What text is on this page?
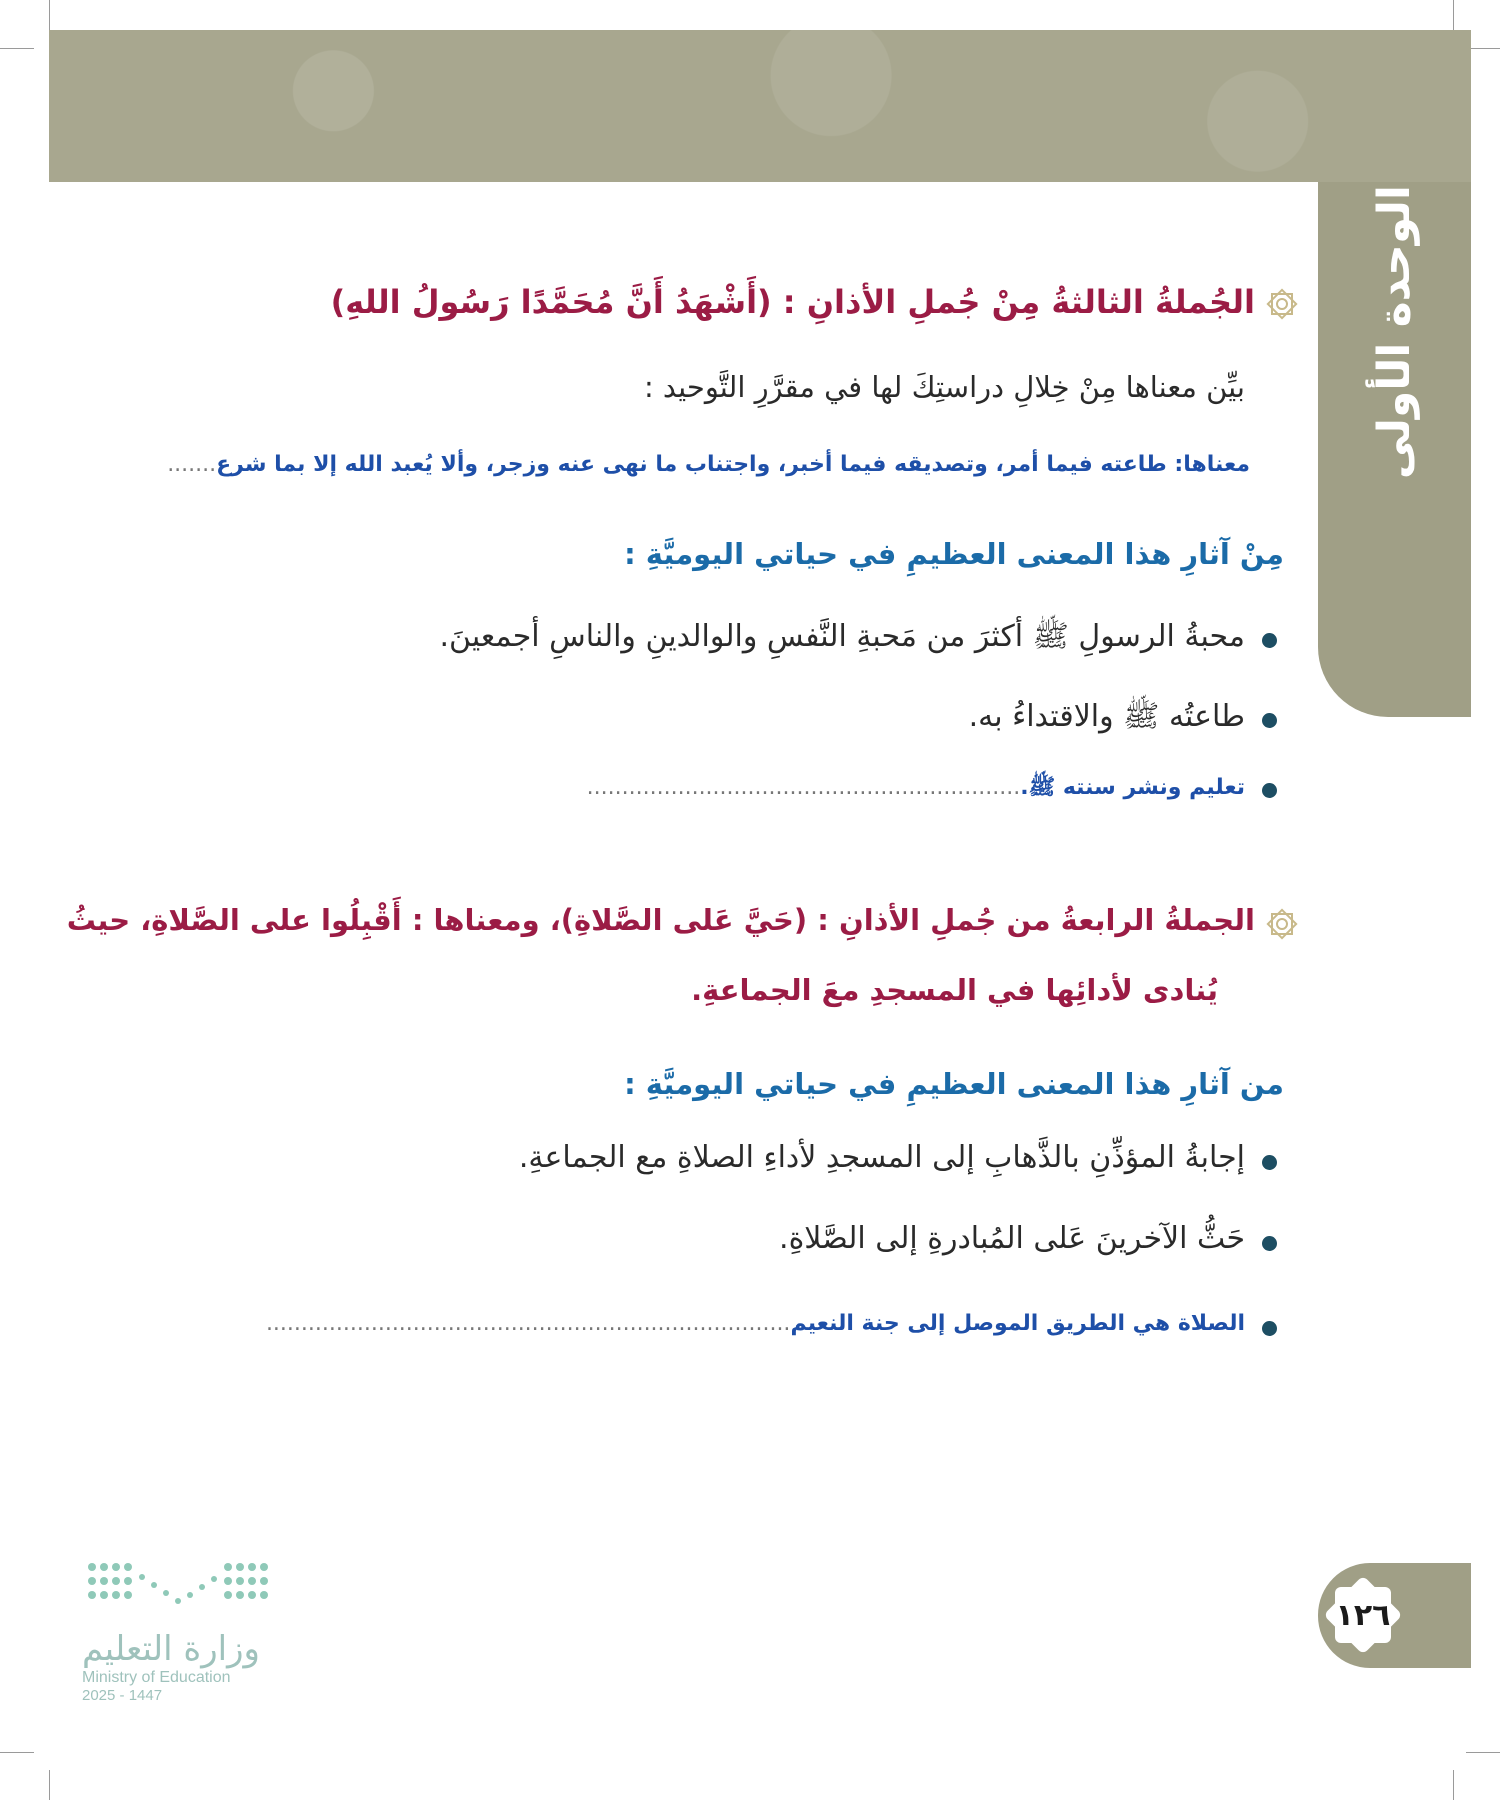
الوحدة الأولى
الجُملةُ الثالثةُ مِنْ جُملِ الأذانِ : (أَشْهَدُ أَنَّ مُحَمَّدًا رَسُولُ اللهِ)
بيِّن معناها مِنْ خِلالِ دراستِكَ لها في مقرَّرِ التَّوحيد :
معناها: طاعته فيما أمر، وتصديقه فيما أخبر، واجتناب ما نهى عنه وزجر، وألا يُعبد الله إلا بما شرع.......
مِنْ آثارِ هذا المعنى العظيمِ في حياتي اليوميَّةِ :
محبةُ الرسولِ ﷺ أكثرَ من مَحبةِ النَّفسِ والوالدينِ والناسِ أجمعينَ.
طاعتُه ﷺ والاقتداءُ به.
تعليم ونشر سنته ﷺ...............................................................
الجملةُ الرابعةُ من جُملِ الأذانِ : (حَيَّ عَلى الصَّلاةِ)، ومعناها : أَقْبِلُوا على الصَّلاةِ، حيثُ
يُنادى لأدائِها في المسجدِ معَ الجماعةِ.
من آثارِ هذا المعنى العظيمِ في حياتي اليوميَّةِ :
إجابةُ المؤذِّنِ بالذَّهابِ إلى المسجدِ لأداءِ الصلاةِ مع الجماعةِ.
حَثُّ الآخرينَ عَلى المُبادرةِ إلى الصَّلاةِ.
الصلاة هي الطريق الموصل إلى جنة النعيم...........................................................................
١٢٦
وزارة التعليم
Ministry of Education
2025 - 1447
